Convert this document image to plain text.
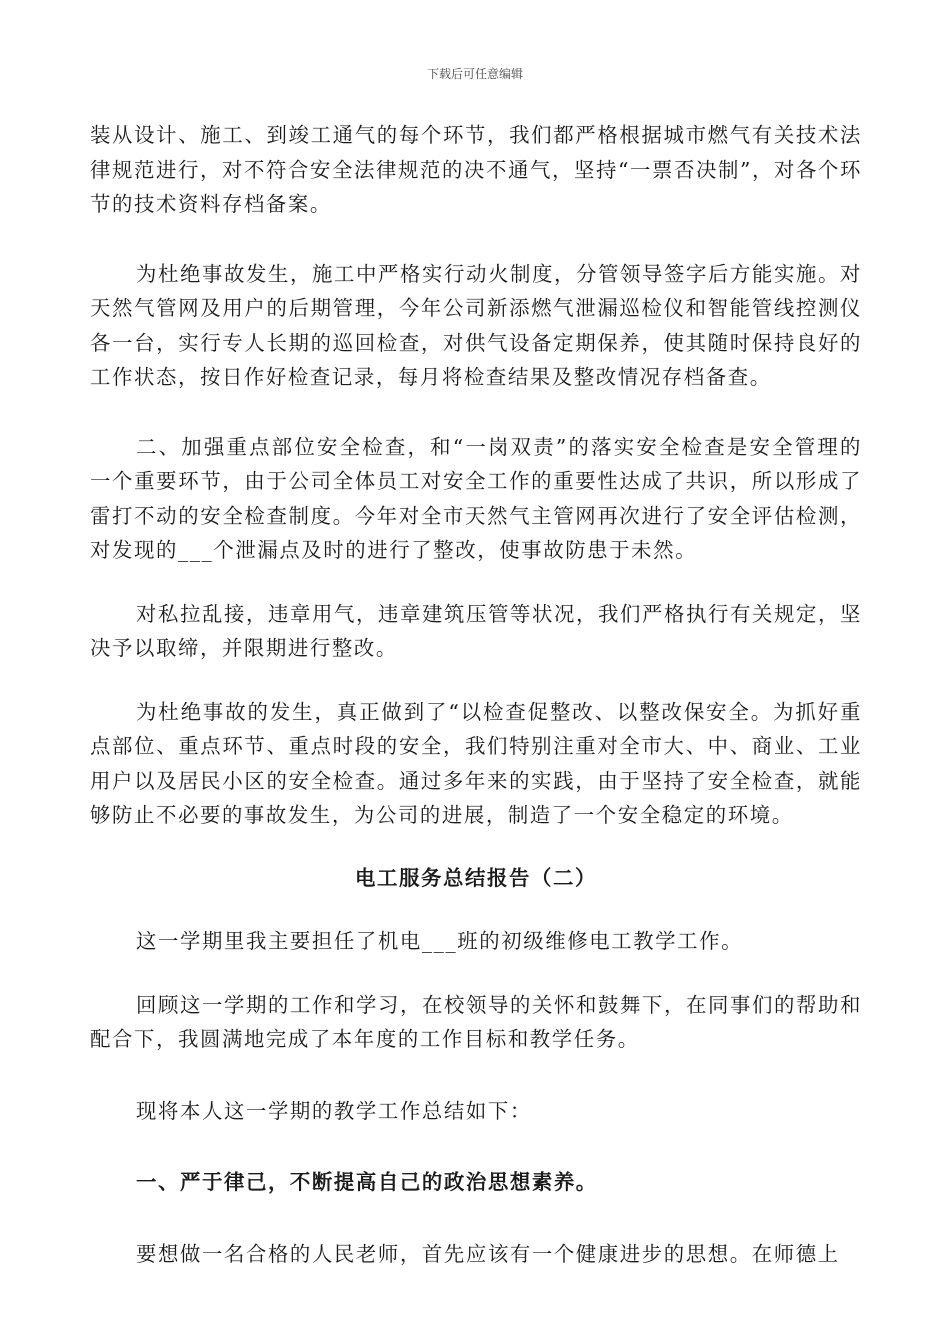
下载后可任意编辑

装从设计、施工、到竣工通气的每个环节，我们都严格根据城市燃气有关技术法律规范进行，对不符合安全法律规范的决不通气，坚持“一票否决制”，对各个环节的技术资料存档备案。

为杜绝事故发生，施工中严格实行动火制度，分管领导签字后方能实施。对天然气管网及用户的后期管理，今年公司新添燃气泄漏巡检仪和智能管线控测仪各一台，实行专人长期的巡回检查，对供气设备定期保养，使其随时保持良好的工作状态，按日作好检查记录，每月将检查结果及整改情况存档备查。

二、加强重点部位安全检查，和“一岗双责”的落实安全检查是安全管理的一个重要环节，由于公司全体员工对安全工作的重要性达成了共识，所以形成了雷打不动的安全检查制度。今年对全市天然气主管网再次进行了安全评估检测，对发现的___个泄漏点及时的进行了整改，使事故防患于未然。

对私拉乱接，违章用气，违章建筑压管等状况，我们严格执行有关规定，坚决予以取缔，并限期进行整改。

为杜绝事故的发生，真正做到了“以检查促整改、以整改保安全。为抓好重点部位、重点环节、重点时段的安全，我们特别注重对全市大、中、商业、工业用户以及居民小区的安全检查。通过多年来的实践，由于坚持了安全检查，就能够防止不必要的事故发生，为公司的进展，制造了一个安全稳定的环境。

电工服务总结报告（二）

这一学期里我主要担任了机电___班的初级维修电工教学工作。

回顾这一学期的工作和学习，在校领导的关怀和鼓舞下，在同事们的帮助和配合下，我圆满地完成了本年度的工作目标和教学任务。

现将本人这一学期的教学工作总结如下：

一、严于律己，不断提高自己的政治思想素养。

要想做一名合格的人民老师，首先应该有一个健康进步的思想。在师德上
